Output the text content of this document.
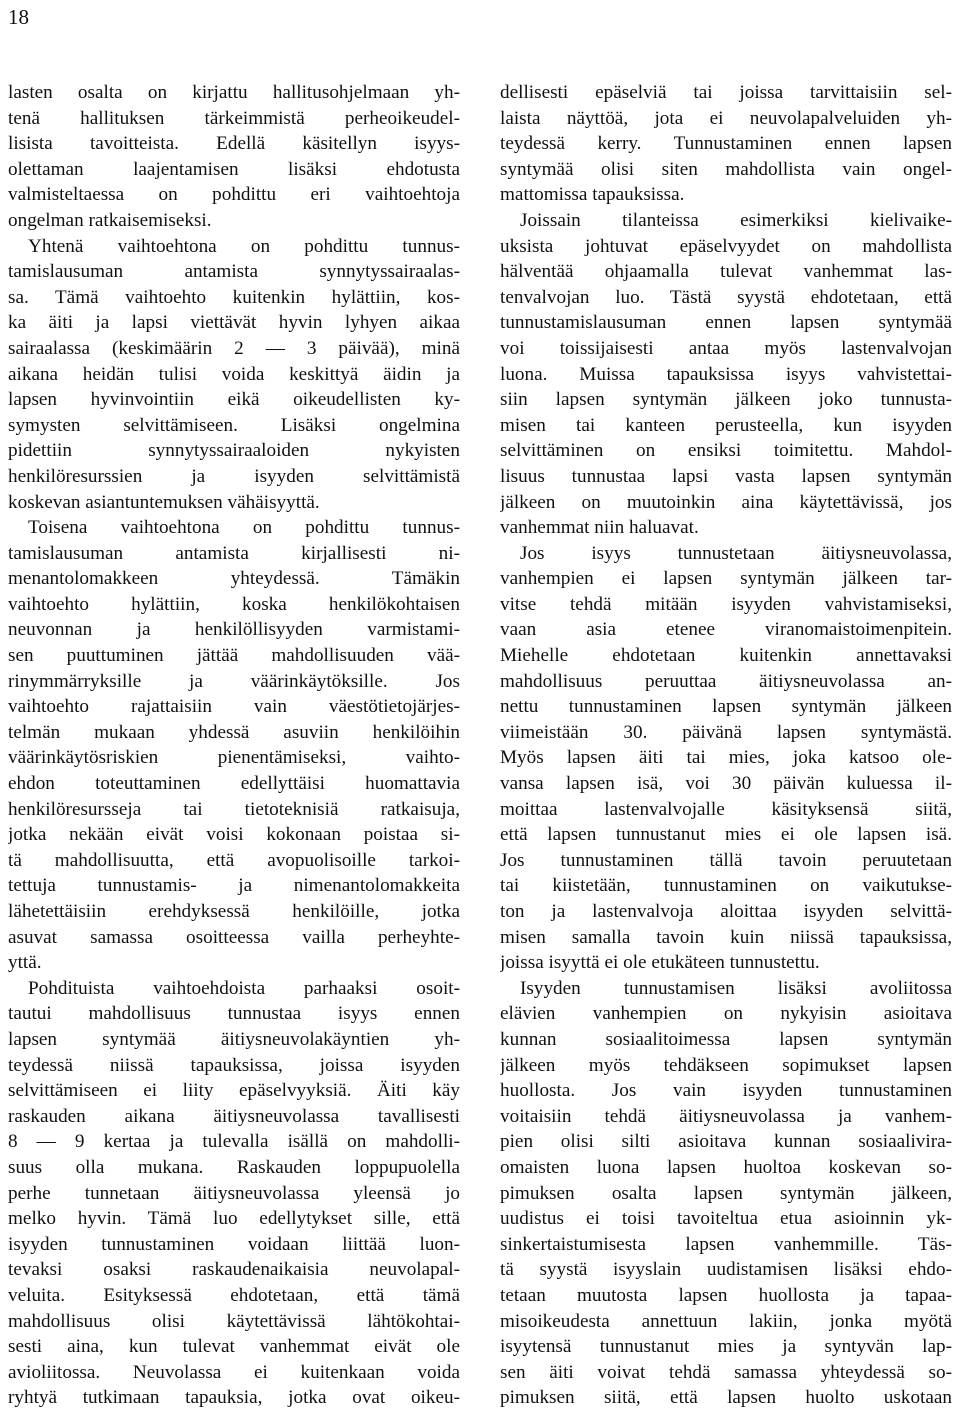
18
lasten osalta on kirjattu hallitusohjelmaan yh-
tenä hallituksen tärkeimmistä perheoikeudel-
lisista tavoitteista. Edellä käsitellyn isyys-
olettaman laajentamisen lisäksi ehdotusta
valmisteltaessa on pohdittu eri vaihtoehtoja
ongelman ratkaisemiseksi.
Yhtenä vaihtoehtona on pohdittu tunnus-
tamislausuman antamista synnytyssairaalas-
sa. Tämä vaihtoehto kuitenkin hylättiin, kos-
ka äiti ja lapsi viettävät hyvin lyhyen aikaa
sairaalassa (keskimäärin 2 — 3 päivää), minä
aikana heidän tulisi voida keskittyä äidin ja
lapsen hyvinvointiin eikä oikeudellisten ky-
symysten selvittämiseen. Lisäksi ongelmina
pidettiin synnytyssairaaloiden nykyisten
henkilöresurssien ja isyyden selvittämistä
koskevan asiantuntemuksen vähäisyyttä.
Toisena vaihtoehtona on pohdittu tunnus-
tamislausuman antamista kirjallisesti ni-
menantolomakkeen yhteydessä. Tämäkin
vaihtoehto hylättiin, koska henkilökohtaisen
neuvonnan ja henkilöllisyyden varmistami-
sen puuttuminen jättää mahdollisuuden vää-
rinymmärryksille ja väärinkäytöksille. Jos
vaihtoehto rajattaisiin vain väestötietojärjes-
telmän mukaan yhdessä asuviin henkilöihin
väärinkäytösriskien pienentämiseksi, vaihto-
ehdon toteuttaminen edellyttäisi huomattavia
henkilöresursseja tai tietoteknisiä ratkaisuja,
jotka nekään eivät voisi kokonaan poistaa si-
tä mahdollisuutta, että avopuolisoille tarkoi-
tettuja tunnustamis- ja nimenantolomakkeita
lähetettäisiin erehdyksessä henkilöille, jotka
asuvat samassa osoitteessa vailla perheyhte-
yttä.
Pohdituista vaihtoehdoista parhaaksi osoit-
tautui mahdollisuus tunnustaa isyys ennen
lapsen syntymää äitiysneuvolakäyntien yh-
teydessä niissä tapauksissa, joissa isyyden
selvittämiseen ei liity epäselvyyksiä. Äiti käy
raskauden aikana äitiysneuvolassa tavallisesti
8 — 9 kertaa ja tulevalla isällä on mahdolli-
suus olla mukana. Raskauden loppupuolella
perhe tunnetaan äitiysneuvolassa yleensä jo
melko hyvin. Tämä luo edellytykset sille, että
isyyden tunnustaminen voidaan liittää luon-
tevaksi osaksi raskaudenaikaisia neuvolapal-
veluita. Esityksessä ehdotetaan, että tämä
mahdollisuus olisi käytettävissä lähtökohtai-
sesti aina, kun tulevat vanhemmat eivät ole
avioliitossa. Neuvolassa ei kuitenkaan voida
ryhtyä tutkimaan tapauksia, jotka ovat oikeu-
dellisesti epäselviä tai joissa tarvittaisiin sel-
laista näyttöä, jota ei neuvolapalveluiden yh-
teydessä kerry. Tunnustaminen ennen lapsen
syntymää olisi siten mahdollista vain ongel-
mattomissa tapauksissa.
Joissain tilanteissa esimerkiksi kielivaike-
uksista johtuvat epäselvyydet on mahdollista
hälventää ohjaamalla tulevat vanhemmat las-
tenvalvojan luo. Tästä syystä ehdotetaan, että
tunnustamislausuman ennen lapsen syntymää
voi toissijaisesti antaa myös lastenvalvojan
luona. Muissa tapauksissa isyys vahvistettai-
siin lapsen syntymän jälkeen joko tunnusta-
misen tai kanteen perusteella, kun isyyden
selvittäminen on ensiksi toimitettu. Mahdol-
lisuus tunnustaa lapsi vasta lapsen syntymän
jälkeen on muutoinkin aina käytettävissä, jos
vanhemmat niin haluavat.
Jos isyys tunnustetaan äitiysneuvolassa,
vanhempien ei lapsen syntymän jälkeen tar-
vitse tehdä mitään isyyden vahvistamiseksi,
vaan asia etenee viranomaistoimenpitein.
Miehelle ehdotetaan kuitenkin annettavaksi
mahdollisuus peruuttaa äitiysneuvolassa an-
nettu tunnustaminen lapsen syntymän jälkeen
viimeistään 30. päivänä lapsen syntymästä.
Myös lapsen äiti tai mies, joka katsoo ole-
vansa lapsen isä, voi 30 päivän kuluessa il-
moittaa lastenvalvojalle käsityksensä siitä,
että lapsen tunnustanut mies ei ole lapsen isä.
Jos tunnustaminen tällä tavoin peruutetaan
tai kiistetään, tunnustaminen on vaikutukse-
ton ja lastenvalvoja aloittaa isyyden selvittä-
misen samalla tavoin kuin niissä tapauksissa,
joissa isyyttä ei ole etukäteen tunnustettu.
Isyyden tunnustamisen lisäksi avoliitossa
elävien vanhempien on nykyisin asioitava
kunnan sosiaalitoimessa lapsen syntymän
jälkeen myös tehdäkseen sopimukset lapsen
huollosta. Jos vain isyyden tunnustaminen
voitaisiin tehdä äitiysneuvolassa ja vanhem-
pien olisi silti asioitava kunnan sosiaalivira-
omaisten luona lapsen huoltoa koskevan so-
pimuksen osalta lapsen syntymän jälkeen,
uudistus ei toisi tavoiteltua etua asioinnin yk-
sinkertaistumisesta lapsen vanhemmille. Täs-
tä syystä isyyslain uudistamisen lisäksi ehdo-
tetaan muutosta lapsen huollosta ja tapaa-
misoikeudesta annettuun lakiin, jonka myötä
isyytensä tunnustanut mies ja syntyvän lap-
sen äiti voivat tehdä samassa yhteydessä so-
pimuksen siitä, että lapsen huolto uskotaan
